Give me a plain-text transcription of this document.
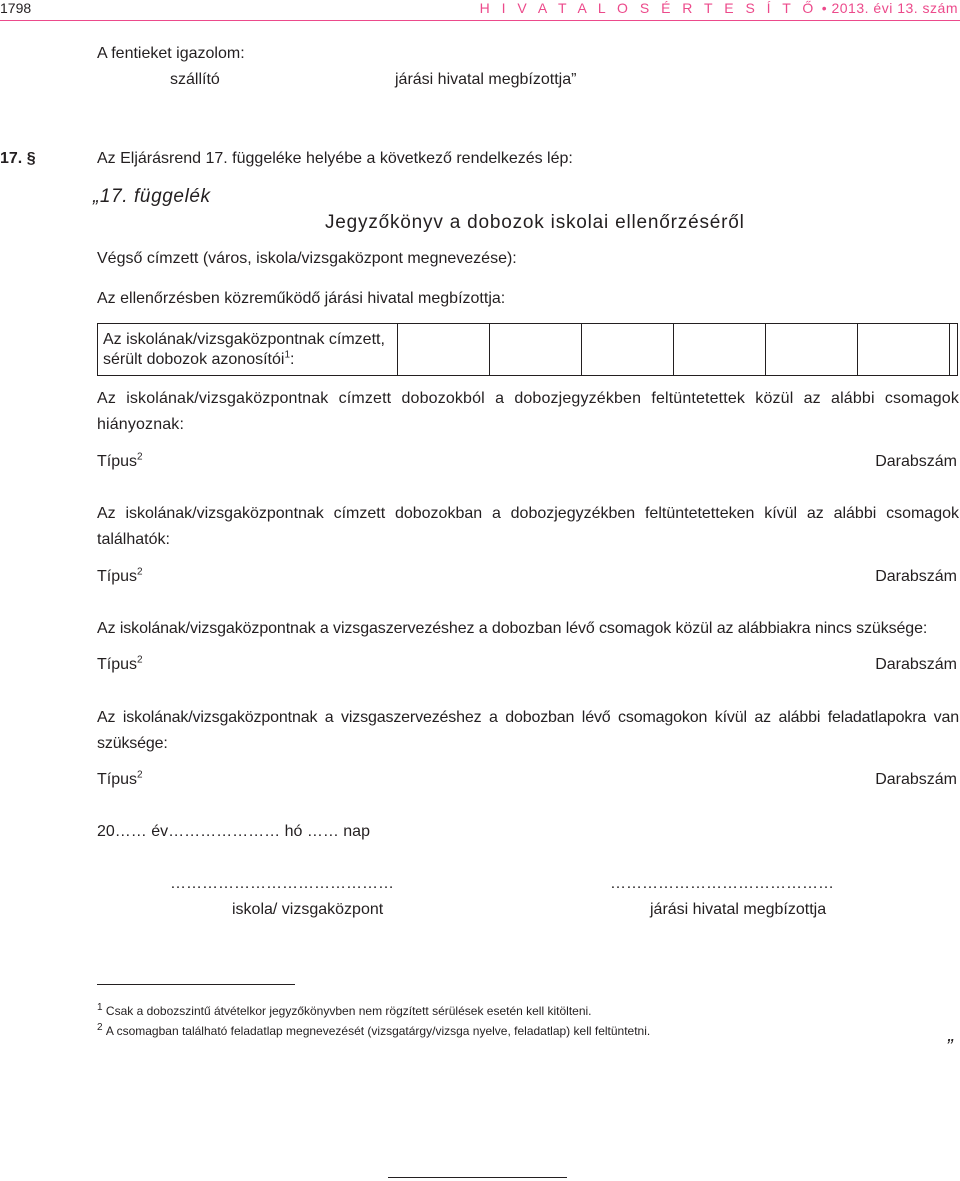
1798	H I V A T A L O S É R T E S Í T Ő • 2013. évi 13. szám
A fentieket igazolom:
szállító	járási hivatal megbízottja”
17. §	Az Eljárásrend 17. függeléke helyébe a következő rendelkezés lép:
„17. függelék
Jegyzőkönyv a dobozok iskolai ellenőrzéséről
Végső címzett (város, iskola/vizsgaközpont megnevezése):
Az ellenőrzésben közreműködő járási hivatal megbízottja:
Az iskolának/vizsgaközpontnak címzett,
sérült dobozok azonosítói$^1$:
Az iskolának/vizsgaközpontnak címzett dobozokból a dobozjegyzékben feltüntetettek közül az alábbi csomagok hiányoznak:
Típus$^2$	Darabszám
Az iskolának/vizsgaközpontnak címzett dobozokban a dobozjegyzékben feltüntetetteken kívül az alábbi csomagok találhatók:
Típus$^2$	Darabszám
Az iskolának/vizsgaközpontnak a vizsgaszervezéshez a dobozban lévő csomagok közül az alábbiakra nincs szüksége:
Típus$^2$	Darabszám
Az iskolának/vizsgaközpontnak a vizsgaszervezéshez a dobozban lévő csomagokon kívül az alábbi feladatlapokra van szüksége:
Típus$^2$	Darabszám
20…… év………………… hó …… nap
……………………………………
iskola/ vizsgaközpont
……………………………………
járási hivatal megbízottja
$^1$ Csak a dobozszintű átvételkor jegyzőkönyvben nem rögzített sérülések esetén kell kitölteni.
$^2$ A csomagban található feladatlap megnevezését (vizsgatárgy/vizsga nyelve, feladatlap) kell feltüntetni.
”
